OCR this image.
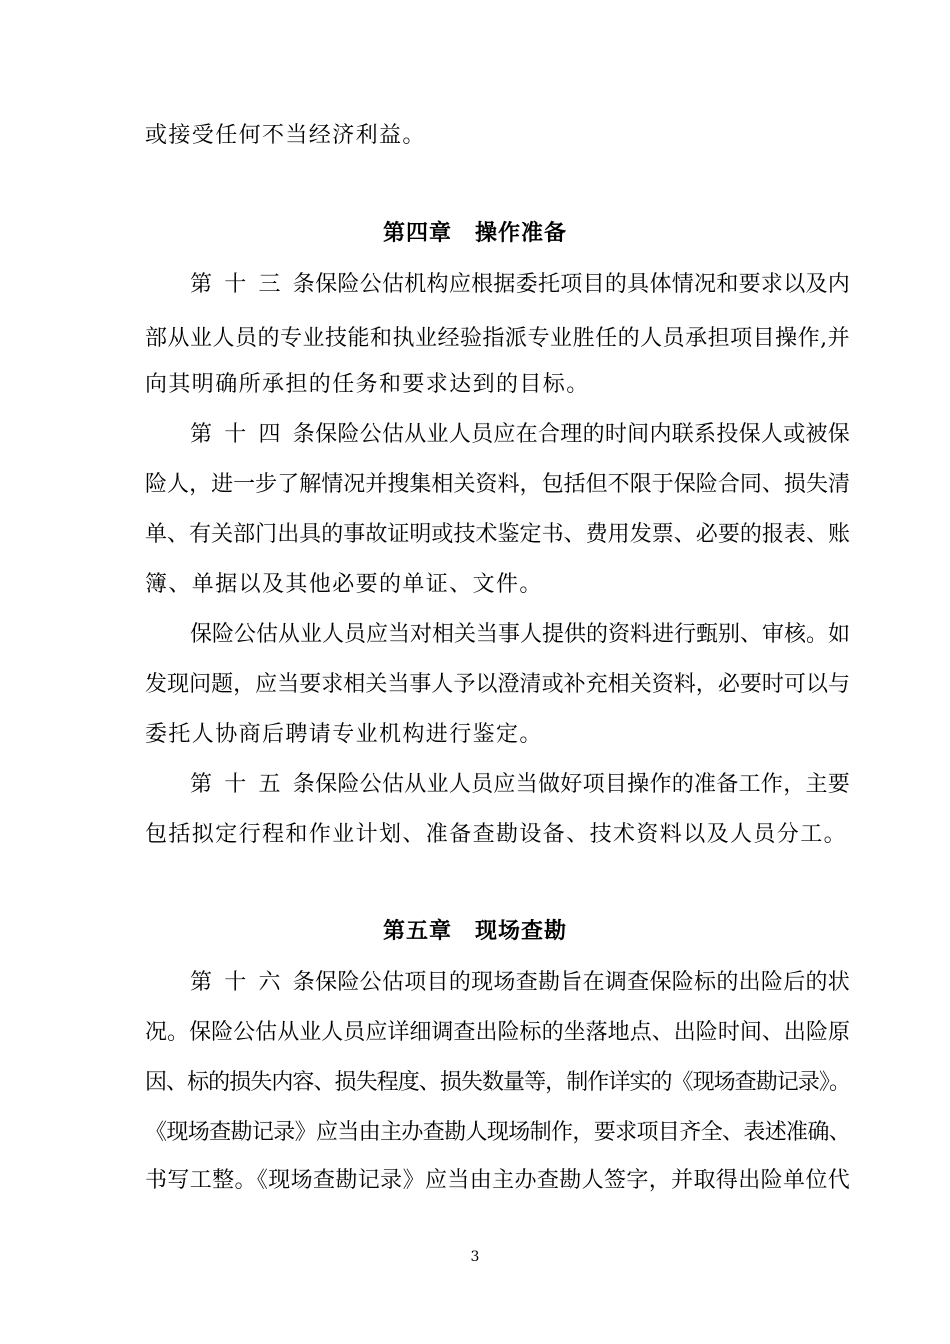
或接受任何不当经济利益。
第四章　操作准备
第十三条保险公估机构应根据委托项目的具体情况和要求以及内
部从业人员的专业技能和执业经验指派专业胜任的人员承担项目操作,并
向其明确所承担的任务和要求达到的目标。
第十四条保险公估从业人员应在合理的时间内联系投保人或被保
险人，进一步了解情况并搜集相关资料，包括但不限于保险合同、损失清
单、有关部门出具的事故证明或技术鉴定书、费用发票、必要的报表、账
簿、单据以及其他必要的单证、文件。
保险公估从业人员应当对相关当事人提供的资料进行甄别、审核。如
发现问题，应当要求相关当事人予以澄清或补充相关资料，必要时可以与
委托人协商后聘请专业机构进行鉴定。
第十五条保险公估从业人员应当做好项目操作的准备工作，主要
包括拟定行程和作业计划、准备查勘设备、技术资料以及人员分工。
第五章　现场查勘
第十六条保险公估项目的现场查勘旨在调查保险标的出险后的状
况。保险公估从业人员应详细调查出险标的坐落地点、出险时间、出险原
因、标的损失内容、损失程度、损失数量等，制作详实的《现场查勘记录》。
《现场查勘记录》应当由主办查勘人现场制作，要求项目齐全、表述准确、
书写工整。《现场查勘记录》应当由主办查勘人签字，并取得出险单位代
3
